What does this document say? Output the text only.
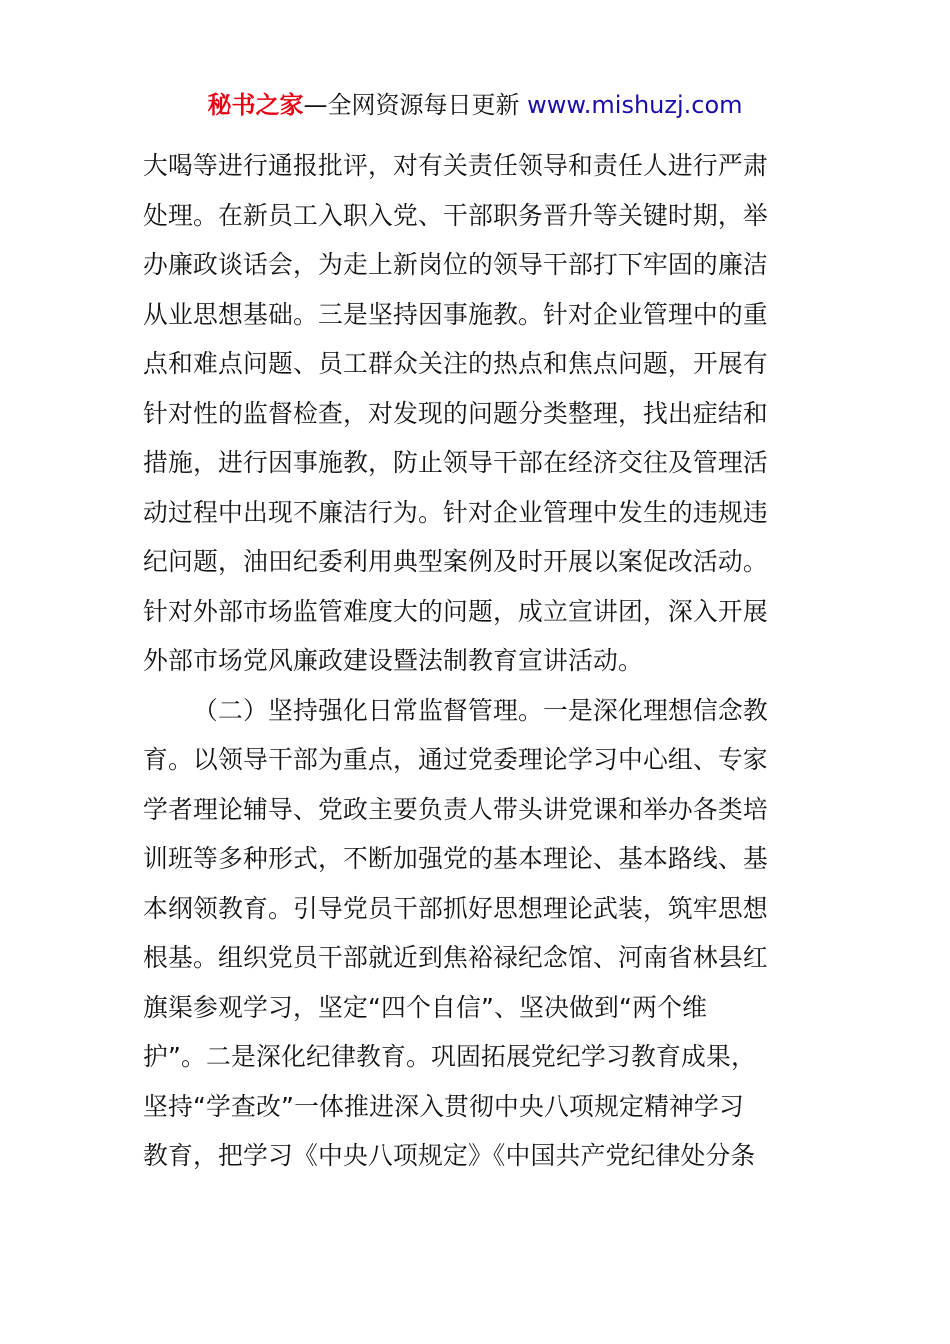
秘书之家—全网资源每日更新 www.mishuzj.com
大喝等进行通报批评，对有关责任领导和责任人进行严肃
处理。在新员工入职入党、干部职务晋升等关键时期，举
办廉政谈话会，为走上新岗位的领导干部打下牢固的廉洁
从业思想基础。三是坚持因事施教。针对企业管理中的重
点和难点问题、员工群众关注的热点和焦点问题，开展有
针对性的监督检查，对发现的问题分类整理，找出症结和
措施，进行因事施教，防止领导干部在经济交往及管理活
动过程中出现不廉洁行为。针对企业管理中发生的违规违
纪问题，油田纪委利用典型案例及时开展以案促改活动。
针对外部市场监管难度大的问题，成立宣讲团，深入开展
外部市场党风廉政建设暨法制教育宣讲活动。
（二）坚持强化日常监督管理。一是深化理想信念教
育。以领导干部为重点，通过党委理论学习中心组、专家
学者理论辅导、党政主要负责人带头讲党课和举办各类培
训班等多种形式，不断加强党的基本理论、基本路线、基
本纲领教育。引导党员干部抓好思想理论武装，筑牢思想
根基。组织党员干部就近到焦裕禄纪念馆、河南省林县红
旗渠参观学习，坚定“四个自信”、坚决做到“两个维
护”。二是深化纪律教育。巩固拓展党纪学习教育成果，
坚持“学查改”一体推进深入贯彻中央八项规定精神学习
教育，把学习《中央八项规定》《中国共产党纪律处分条
